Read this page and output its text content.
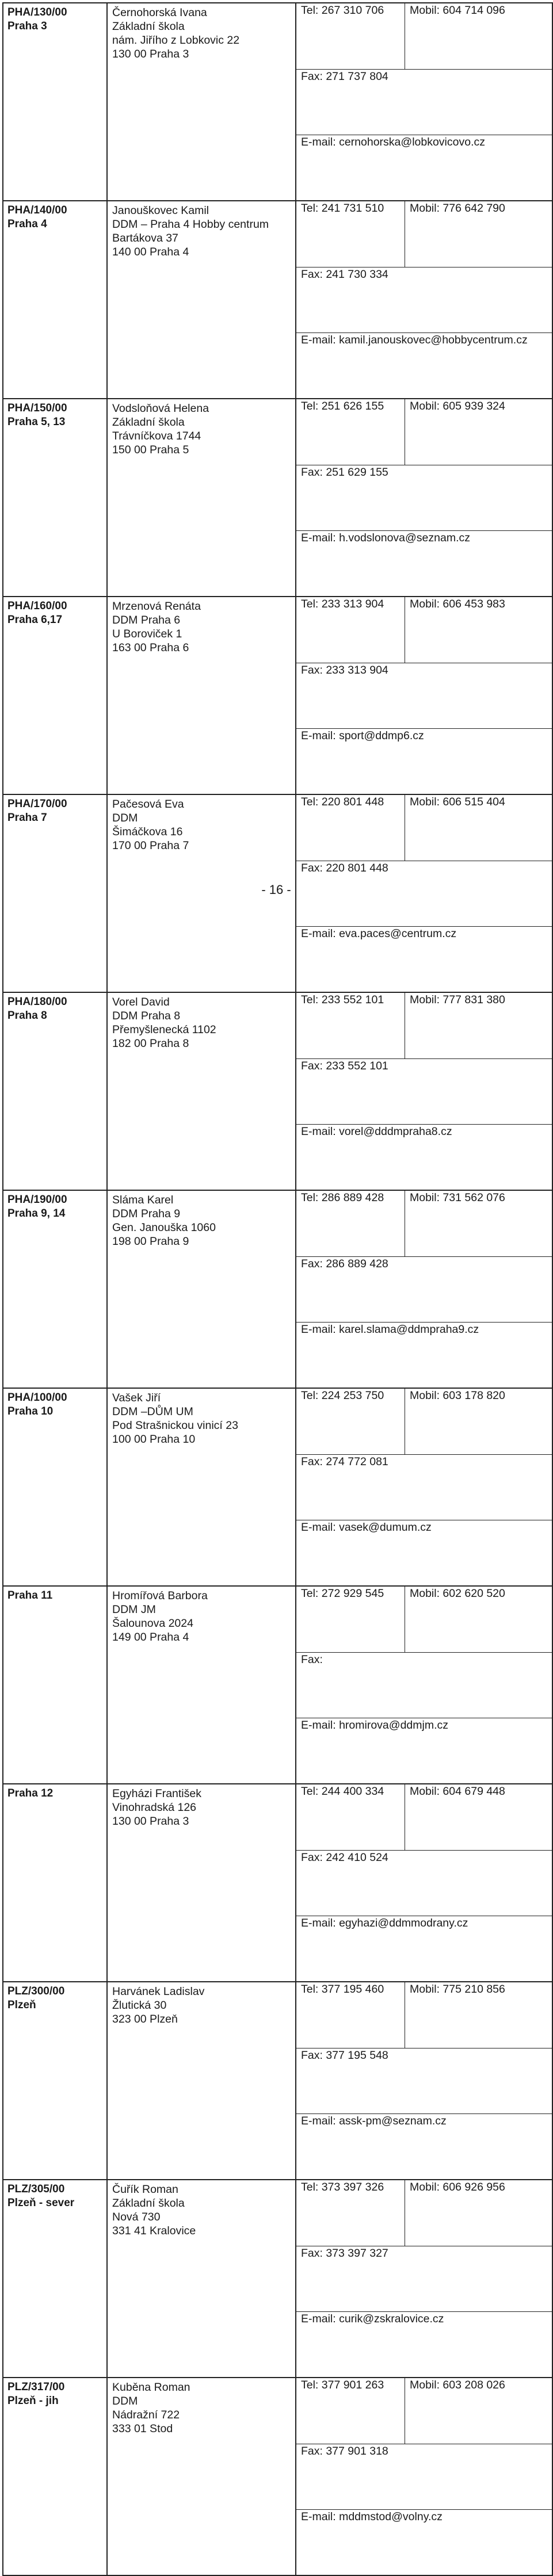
PHA/130/00
Praha 3

Černohorská Ivana
Základní škola
nám. Jiřího z Lobkovic 22
130 00 Praha 3

Tel: 267 310 706	Mobil: 604 714 096
Fax: 271 737 804
E-mail: cernohorska@lobkovicovo.cz

PHA/140/00
Praha 4

Janouškovec Kamil
DDM – Praha 4 Hobby centrum
Bartákova 37
140 00 Praha 4

Tel: 241 731 510	Mobil: 776 642 790
Fax: 241 730 334
E-mail: kamil.janouskovec@hobbycentrum.cz

PHA/150/00
Praha 5, 13

Vodsloňová Helena
Základní škola
Trávníčkova 1744
150 00 Praha 5

Tel: 251 626 155	Mobil: 605 939 324
Fax: 251 629 155
E-mail: h.vodslonova@seznam.cz

PHA/160/00
Praha 6,17

Mrzenová Renáta
DDM Praha 6
U Boroviček 1
163 00 Praha 6

Tel: 233 313 904	Mobil: 606 453 983
Fax: 233 313 904
E-mail: sport@ddmp6.cz

PHA/170/00
Praha 7

Pačesová Eva
DDM
Šimáčkova 16
170 00 Praha 7

Tel: 220 801 448	Mobil: 606 515 404
Fax: 220 801 448
E-mail: eva.paces@centrum.cz

PHA/180/00
Praha 8

Vorel David
DDM Praha 8
Přemyšlenecká 1102
182 00 Praha 8

Tel: 233 552 101	Mobil: 777 831 380
Fax: 233 552 101
E-mail: vorel@dddmpraha8.cz

PHA/190/00
Praha 9, 14

Sláma Karel
DDM Praha 9
Gen. Janouška 1060
198 00 Praha 9

Tel: 286 889 428	Mobil: 731 562 076
Fax: 286 889 428
E-mail: karel.slama@ddmpraha9.cz

PHA/100/00
Praha 10

Vašek Jiří
DDM –DŮM UM
Pod Strašnickou vinicí 23
100 00 Praha 10

Tel: 224 253 750	Mobil: 603 178 820
Fax: 274 772 081
E-mail: vasek@dumum.cz

Praha 11	Hromířová Barbora
DDM JM
Šalounova 2024
149 00 Praha 4

Tel: 272 929 545	Mobil: 602 620 520
Fax:
E-mail: hromirova@ddmjm.cz

Praha 12	Egyházi František
Vinohradská 126
130 00 Praha 3

Tel: 244 400 334	Mobil: 604 679 448
Fax: 242 410 524
E-mail: egyhazi@ddmmodrany.cz

PLZ/300/00
Plzeň

Harvánek Ladislav
Žlutická 30
323 00 Plzeň

Tel: 377 195 460	Mobil: 775 210 856
Fax: 377 195 548
E-mail: assk-pm@seznam.cz

PLZ/305/00
Plzeň - sever

Čuřík Roman
Základní škola
Nová 730
331 41 Kralovice

Tel: 373 397 326	Mobil: 606 926 956
Fax: 373 397 327
E-mail: curik@zskralovice.cz

PLZ/317/00
Plzeň - jih

Kuběna Roman
DDM
Nádražní 722
333 01 Stod

Tel: 377 901 263	Mobil: 603 208 026
Fax: 377 901 318
E-mail: mddmstod@volny.cz
- 16 -
